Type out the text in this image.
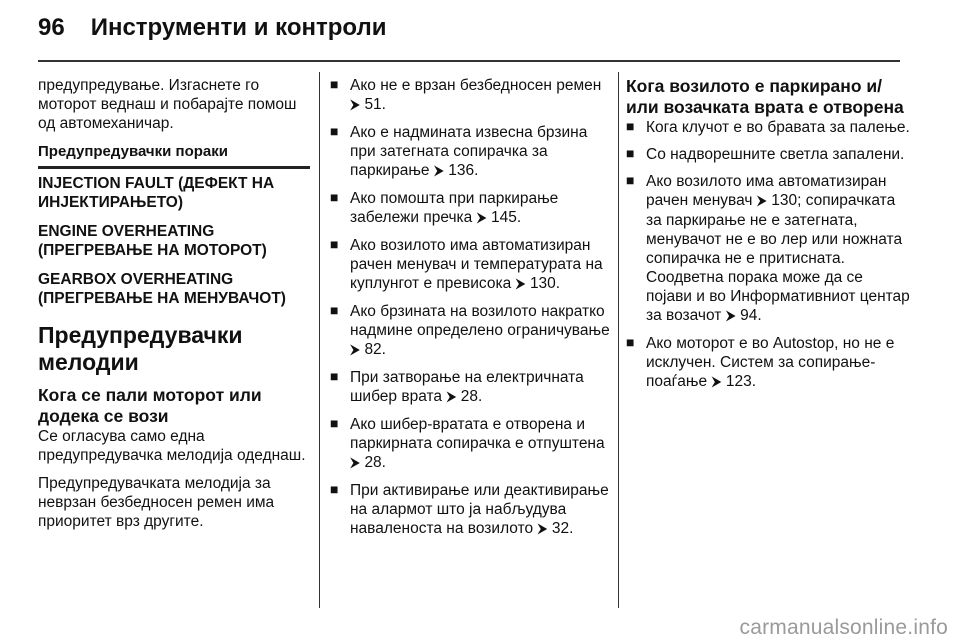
96 Инструменти и контроли

предупредување. Изгаснете го моторот веднаш и побарајте помош од автомеханичар.

Предупредувачки пораки
INJECTION FAULT (ДЕФЕКТ НА ИНЈЕКТИРАЊЕТО)
ENGINE OVERHEATING (ПРЕГРЕВАЊЕ НА МОТОРОТ)
GEARBOX OVERHEATING (ПРЕГРЕВАЊЕ НА МЕНУВАЧОТ)
Предупредувачки мелодии
Кога се пали моторот или додека се вози

Се огласува само една предупредувачка мелодија одеднаш.

Предупредувачката мелодија за неврзан безбедносен ремен има приоритет врз другите.

■ Ако не е врзан безбедносен ремен ⮞ 51.
■ Ако е надмината извесна брзина при затегната сопирачка за паркирање ⮞ 136.
■ Ако помошта при паркирање забележи пречка ⮞ 145.
■ Ако возилото има автоматизиран рачен менувач и температурата на куплунгот е превисока ⮞ 130.
■ Ако брзината на возилото накратко надмине определено ограничување ⮞ 82.
■ При затворање на електричната шибер врата ⮞ 28.
■ Ако шибер-вратата е отворена и паркирната сопирачка е отпуштена ⮞ 28.
■ При активирање или деактивирање на алармот што ја набљудува наваленоста на возилото ⮞ 32.
Кога возилото е паркирано и/или возачката врата е отворена
■ Кога клучот е во бравата за палење.
■ Со надворешните светла запалени.
■ Ако возилото има автоматизиран рачен менувач ⮞ 130; сопирачката за паркирање не е затегната, менувачот не е во лер или ножната сопирачка не е притисната. Соодветна порака може да се појави и во Информативниот центар за возачот ⮞ 94.
■ Ако моторот е во Autostop, но не е исклучен. Систем за сопирање-поаѓање ⮞ 123.
carmanualsonline.info
